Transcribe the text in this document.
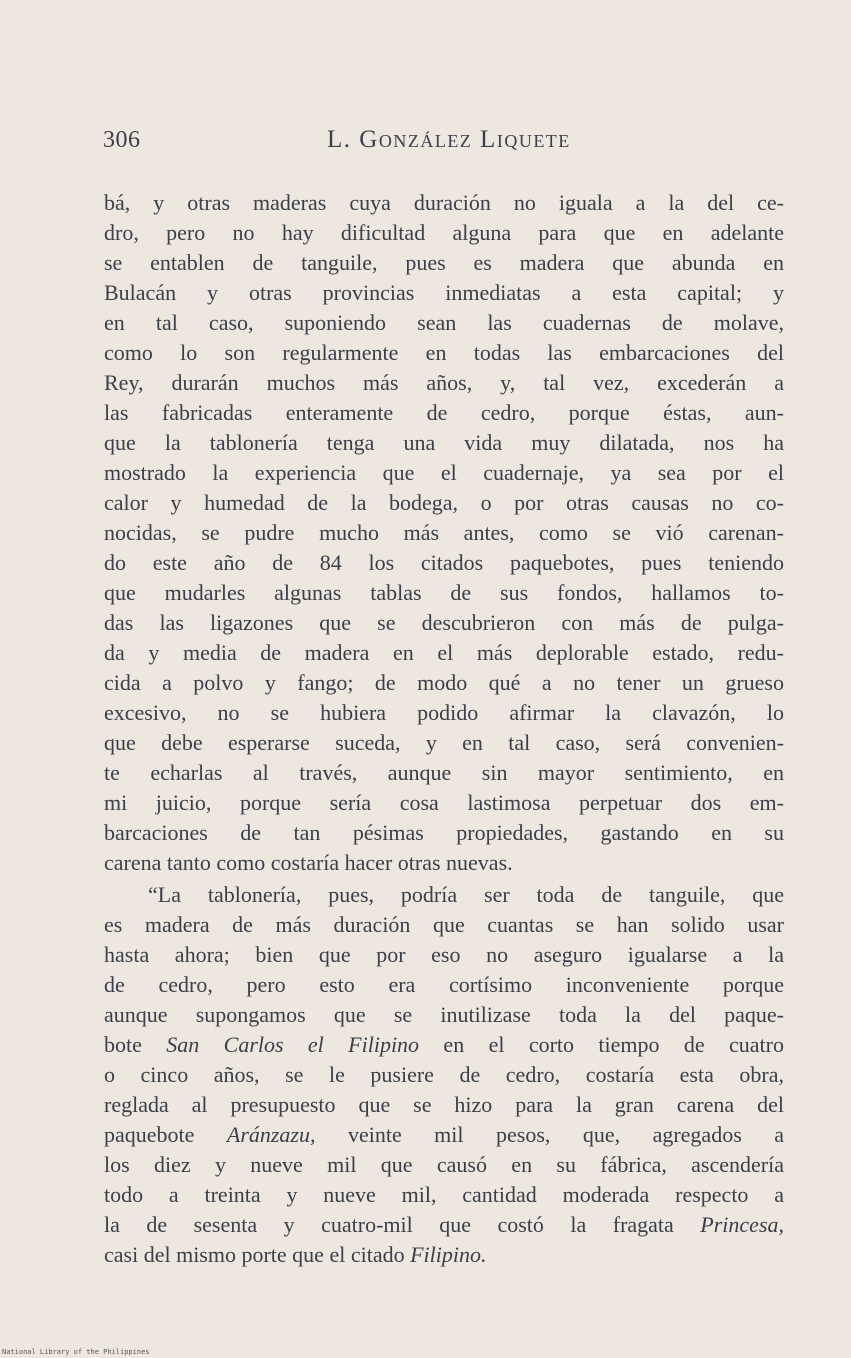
306	L. González Liquete
bá, y otras maderas cuya duración no iguala a la del ce-
dro, pero no hay dificultad alguna para que en adelante
se entablen de tanguile, pues es madera que abunda en
Bulacán y otras provincias inmediatas a esta capital; y
en tal caso, suponiendo sean las cuadernas de molave,
como lo son regularmente en todas las embarcaciones del
Rey, durarán muchos más años, y, tal vez, excederán a
las fabricadas enteramente de cedro, porque éstas, aun-
que la tablonería tenga una vida muy dilatada, nos ha
mostrado la experiencia que el cuadernaje, ya sea por el
calor y humedad de la bodega, o por otras causas no co-
nocidas, se pudre mucho más antes, como se vió carenan-
do este año de 84 los citados paquebotes, pues teniendo
que mudarles algunas tablas de sus fondos, hallamos to-
das las ligazones que se descubrieron con más de pulga-
da y media de madera en el más deplorable estado, redu-
cida a polvo y fango; de modo qué a no tener un grueso
excesivo, no se hubiera podido afirmar la clavazón, lo
que debe esperarse suceda, y en tal caso, será convenien-
te echarlas al través, aunque sin mayor sentimiento, en
mi juicio, porque sería cosa lastimosa perpetuar dos em-
barcaciones de tan pésimas propiedades, gastando en su
carena tanto como costaría hacer otras nuevas.
“La tablonería, pues, podría ser toda de tanguile, que
es madera de más duración que cuantas se han solido usar
hasta ahora; bien que por eso no aseguro igualarse a la
de cedro, pero esto era cortísimo inconveniente porque
aunque supongamos que se inutilizase toda la del paque-
bote San Carlos el Filipino en el corto tiempo de cuatro
o cinco años, se le pusiere de cedro, costaría esta obra,
reglada al presupuesto que se hizo para la gran carena del
paquebote Aránzazu, veinte mil pesos, que, agregados a
los diez y nueve mil que causó en su fábrica, ascendería
todo a treinta y nueve mil, cantidad moderada respecto a
la de sesenta y cuatro-mil que costó la fragata Princesa,
casi del mismo porte que el citado Filipino.
National Library of the Philippines
